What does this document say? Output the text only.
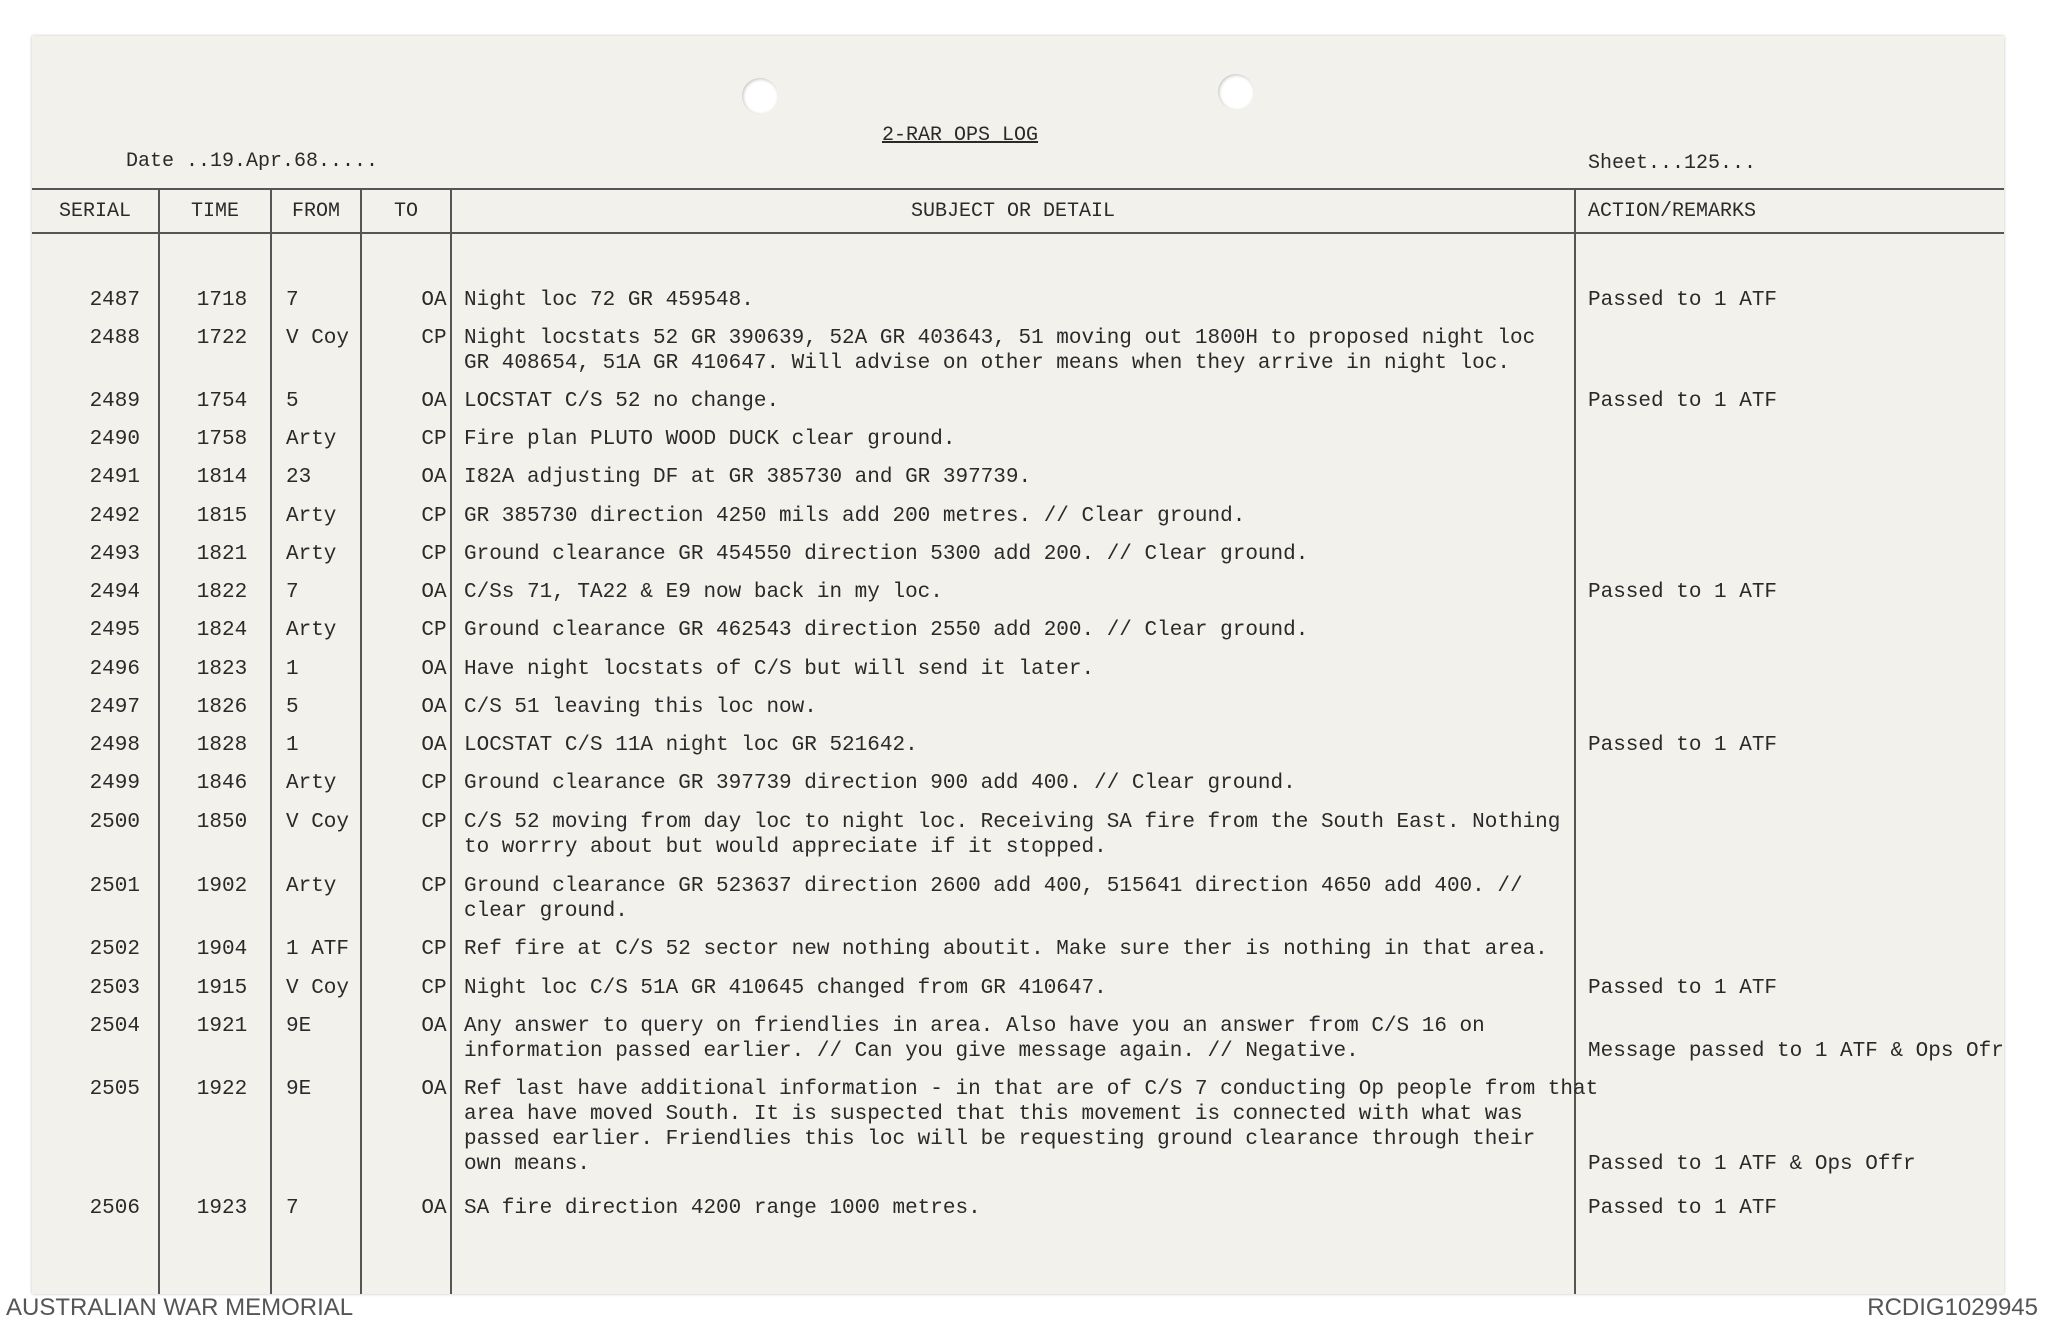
Date ..19.Apr.68.....
2-RAR OPS LOG
Sheet...125...
SERIAL	TIME	FROM	TO	SUBJECT OR DETAIL	ACTION/REMARKS
2487	1718	7	OA Night loc 72 GR 459548.	Passed to 1 ATF
2488	1722	V Coy	CP Night locstats 52 GR 390639, 52A GR 403643, 51 moving out 1800H to proposed night loc
GR 408654, 51A GR 410647. Will advise on other means when they arrive in night loc.
2489	1754	5	OA LOCSTAT C/S 52 no change.	Passed to 1 ATF
2490	1758	Arty	CP Fire plan PLUTO WOOD DUCK clear ground.
2491	1814	23	OA I82A adjusting DF at GR 385730 and GR 397739.
2492	1815	Arty	CP GR 385730 direction 4250 mils add 200 metres. // Clear ground.
2493	1821	Arty	CP Ground clearance GR 454550 direction 5300 add 200. // Clear ground.
2494	1822	7	OA C/Ss 71, TA22 & E9 now back in my loc.	Passed to 1 ATF
2495	1824	Arty	CP Ground clearance GR 462543 direction 2550 add 200. // Clear ground.
2496	1823	1	OA Have night locstats of C/S but will send it later.
2497	1826	5	OA C/S 51 leaving this loc now.
2498	1828	1	OA LOCSTAT C/S 11A night loc GR 521642.	Passed to 1 ATF
2499	1846	Arty	CP Ground clearance GR 397739 direction 900 add 400. // Clear ground.
2500	1850	V Coy	CP C/S 52 moving from day loc to night loc. Receiving SA fire from the South East. Nothing
to worrry about but would appreciate if it stopped.
2501	1902	Arty	CP Ground clearance GR 523637 direction 2600 add 400, 515641 direction 4650 add 400. //
clear ground.
2502	1904	1 ATF	CP Ref fire at C/S 52 sector new nothing aboutit. Make sure ther is nothing in that area.
2503	1915	V Coy	CP Night loc C/S 51A GR 410645 changed from GR 410647.	Passed to 1 ATF
2504	1921	9E	OA Any answer to query on friendlies in area. Also have you an answer from C/S 16 on
information passed earlier. // Can you give message again. // Negative.	Message passed to 1 ATF & Ops Ofr
2505	1922	9E	OA Ref last have additional information - in that are of C/S 7 conducting Op people from that
area have moved South. It is suspected that this movement is connected with what was
passed earlier. Friendlies this loc will be requesting ground clearance through their
own means.	Passed to 1 ATF & Ops Offr
2506	1923	7	OA SA fire direction 4200 range 1000 metres.	Passed to 1 ATF
AUSTRALIAN WAR MEMORIAL	RCDIG1029945
